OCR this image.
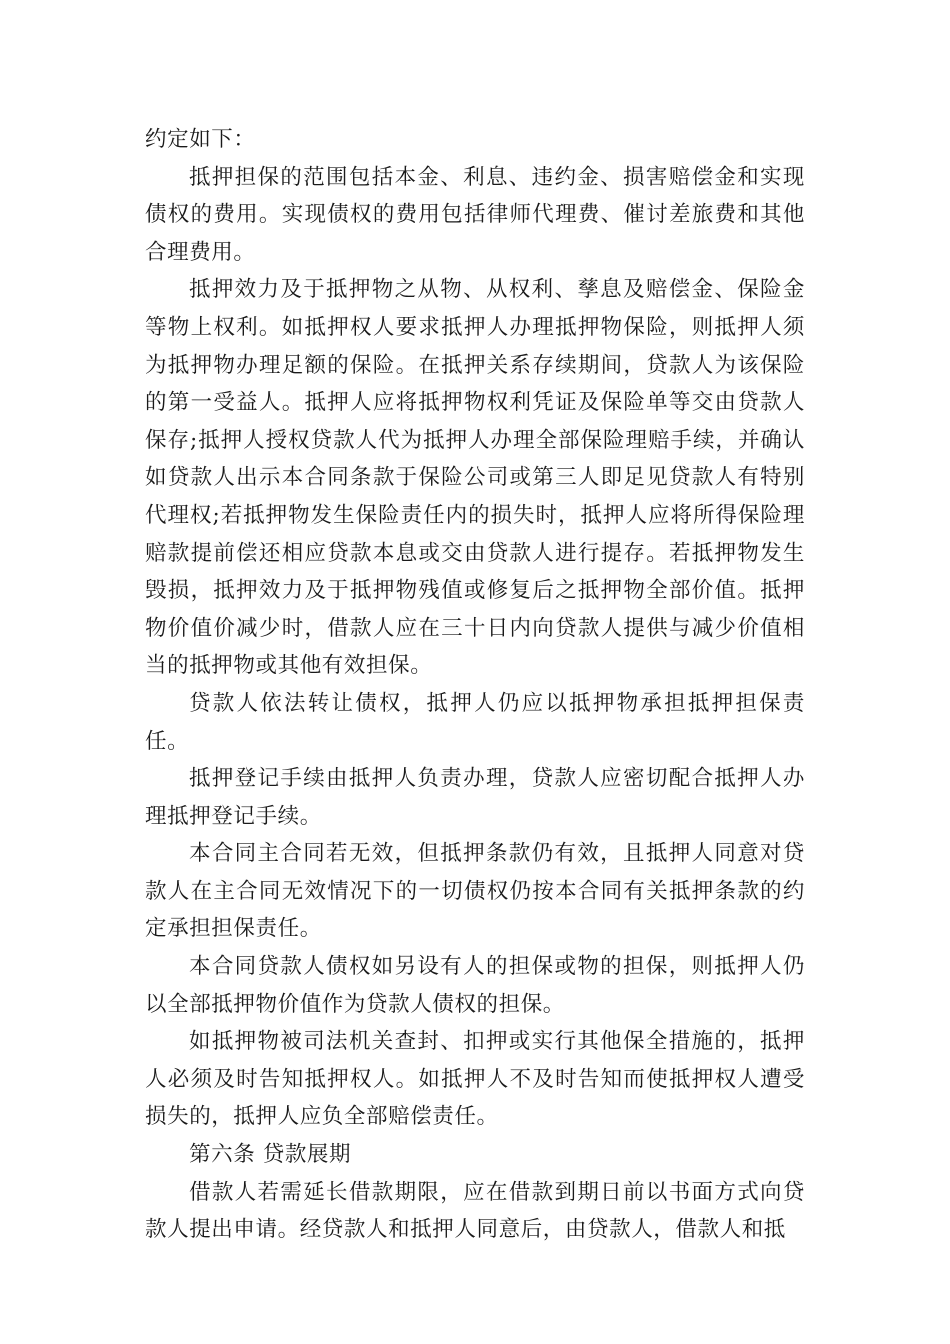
约定如下：

抵押担保的范围包括本金、利息、违约金、损害赔偿金和实现债权的费用。实现债权的费用包括律师代理费、催讨差旅费和其他合理费用。

抵押效力及于抵押物之从物、从权利、孳息及赔偿金、保险金等物上权利。如抵押权人要求抵押人办理抵押物保险，则抵押人须为抵押物办理足额的保险。在抵押关系存续期间，贷款人为该保险的第一受益人。抵押人应将抵押物权利凭证及保险单等交由贷款人保存;抵押人授权贷款人代为抵押人办理全部保险理赔手续，并确认如贷款人出示本合同条款于保险公司或第三人即足见贷款人有特别代理权;若抵押物发生保险责任内的损失时，抵押人应将所得保险理赔款提前偿还相应贷款本息或交由贷款人进行提存。若抵押物发生毁损，抵押效力及于抵押物残值或修复后之抵押物全部价值。抵押物价值价减少时，借款人应在三十日内向贷款人提供与减少价值相当的抵押物或其他有效担保。

贷款人依法转让债权，抵押人仍应以抵押物承担抵押担保责任。

抵押登记手续由抵押人负责办理，贷款人应密切配合抵押人办理抵押登记手续。

本合同主合同若无效，但抵押条款仍有效，且抵押人同意对贷款人在主合同无效情况下的一切债权仍按本合同有关抵押条款的约定承担担保责任。

本合同贷款人债权如另设有人的担保或物的担保，则抵押人仍以全部抵押物价值作为贷款人债权的担保。

如抵押物被司法机关查封、扣押或实行其他保全措施的，抵押人必须及时告知抵押权人。如抵押人不及时告知而使抵押权人遭受损失的，抵押人应负全部赔偿责任。

第六条 贷款展期

借款人若需延长借款期限，应在借款到期日前以书面方式向贷款人提出申请。经贷款人和抵押人同意后，由贷款人，借款人和抵
